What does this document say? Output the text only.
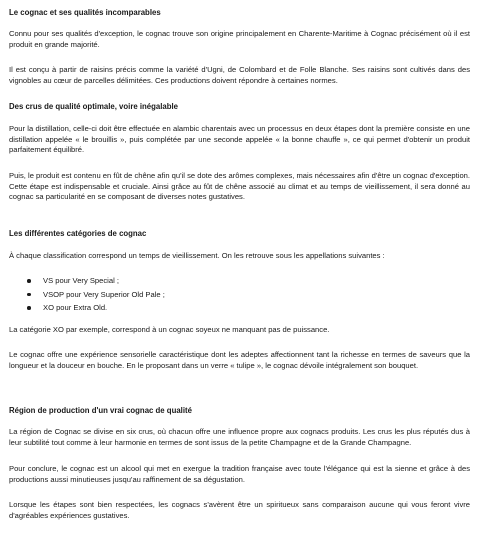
Le cognac et ses qualités incomparables

Connu pour ses qualités d'exception, le cognac trouve son origine principalement en Charente-Maritime à Cognac précisément où il est produit en grande majorité.

Il est conçu à partir de raisins précis comme la variété d'Ugni, de Colombard et de Folle Blanche. Ses raisins sont cultivés dans des vignobles au cœur de parcelles délimitées. Ces productions doivent répondre à certaines normes.

Des crus de qualité optimale, voire inégalable

Pour la distillation, celle-ci doit être effectuée en alambic charentais avec un processus en deux étapes dont la première consiste en une distillation appelée « le brouillis », puis complétée par une seconde appelée « la bonne chauffe », ce qui permet d'obtenir un produit parfaitement équilibré.

Puis, le produit est contenu en fût de chêne afin qu'il se dote des arômes complexes, mais nécessaires afin d'être un cognac d'exception. Cette étape est indispensable et cruciale. Ainsi grâce au fût de chêne associé au climat et au temps de vieillissement, il sera donné au cognac sa particularité en se composant de diverses notes gustatives.

Les différentes catégories de cognac

À chaque classification correspond un temps de vieillissement. On les retrouve sous les appellations suivantes :

VS pour Very Special ;
VSOP pour Very Superior Old Pale ;
XO pour Extra Old.

La catégorie XO par exemple, correspond à un cognac soyeux ne manquant pas de puissance.

Le cognac offre une expérience sensorielle caractéristique dont les adeptes affectionnent tant la richesse en termes de saveurs que la longueur et la douceur en bouche. En le proposant dans un verre « tulipe », le cognac dévoile intégralement son bouquet.

Région de production d'un vrai cognac de qualité

La région de Cognac se divise en six crus, où chacun offre une influence propre aux cognacs produits. Les crus les plus réputés dus à leur subtilité tout comme à leur harmonie en termes de sont issus de la petite Champagne et de la Grande Champagne.

Pour conclure, le cognac est un alcool qui met en exergue la tradition française avec toute l'élégance qui est la sienne et grâce à des productions aussi minutieuses jusqu'au raffinement de sa dégustation.

Lorsque les étapes sont bien respectées, les cognacs s'avèrent être un spiritueux sans comparaison aucune qui vous feront vivre d'agréables expériences gustatives.
